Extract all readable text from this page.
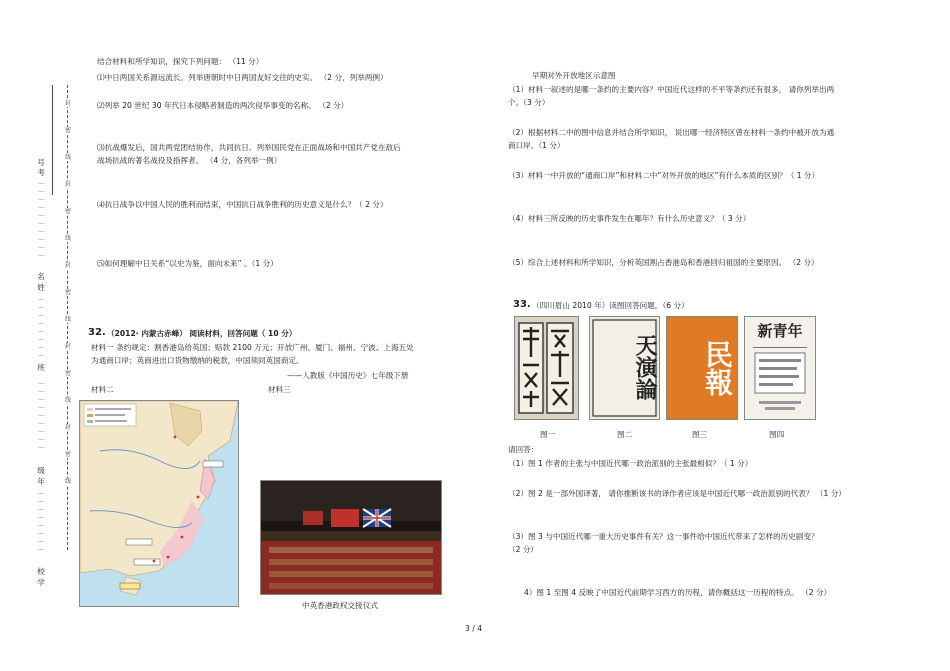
号
考
—
—
—
—
—
—
—
—
—
—
名
姓
—
—
—
—
—
—
—
—
班
—
—
—
—
—
—
—
—
—
级
年
—
—
—
—
—
—
—
—
校
学
封
密
线
封
密
线
封
密
线
封
密
线
封
密
线
结合材料和所学知识，探究下列问题： （11 分）
⑴中日两国关系源远流长。列举唐朝时中日两国友好交往的史实。 （2 分，列举两例）
⑵列举 20 世纪 30 年代日本侵略者制造的两次侵华事变的名称。 （2 分）
⑶抗战爆发后，国共两党团结协作，共同抗日。列举国民党在正面战场和中国共产党在敌后
战场抗战的著名战役及指挥者。 （4 分，各列举一例）
⑷抗日战争以中国人民的胜利而结束，中国抗日战争胜利的历史意义是什么？（ 2 分）
⑸如何理解中日关系“以史为鉴，面向未来” 。（1 分）
32. （2012· 内蒙古赤峰） 阅读材料，回答问题（ 10 分）
材料一 条约规定：割香港岛给英国；赔款 2100 万元；开放广州、厦门、福州、宁波、上海五处
为通商口岸；英商进出口货物缴纳的税款，中国须同英国商定。
——人教版《中国历史》七年级下册
材料二	材料三
中英香港政权交接仪式
早期对外开放地区示意图
（1）材料一叙述的是哪一条约的主要内容？中国近代这样的不平等条约还有很多， 请你列举出两
个。（3 分）
（2）根据材料二中的图中信息并结合所学知识， 说出哪一经济特区曾在材料一条约中被开放为通
商口岸。（1 分）
（3）材料一中开放的“通商口岸”和材料二中“对外开放的地区”有什么本质的区别？（ 1 分）
（4）材料三所反映的历史事件发生在哪年？有什么历史意义？（ 3 分）
（5）综合上述材料和所学知识，分析英国割占香港岛和香港回归祖国的主要原因。 （2 分）
33. （四川眉山 2010 年）读图回答问题。（6 分）
天演論	民報
新青年
图一	图二	图三	图四
请回答：
（1）图 1 作者的主张与中国近代哪一政治派别的主张最相似？（ 1 分）
（2）图 2 是一部外国译著， 请你推断该书的译作者应该是中国近代哪一政治派别的代表？ （1 分）
（3）图 3 与中国近代哪一重大历史事件有关？这一事件给中国近代带来了怎样的历史剧变？
（2 分）
4）图 1 至图 4 反映了中国近代前期学习西方的历程，请你概括这一历程的特点。 （2 分）
3 / 4
